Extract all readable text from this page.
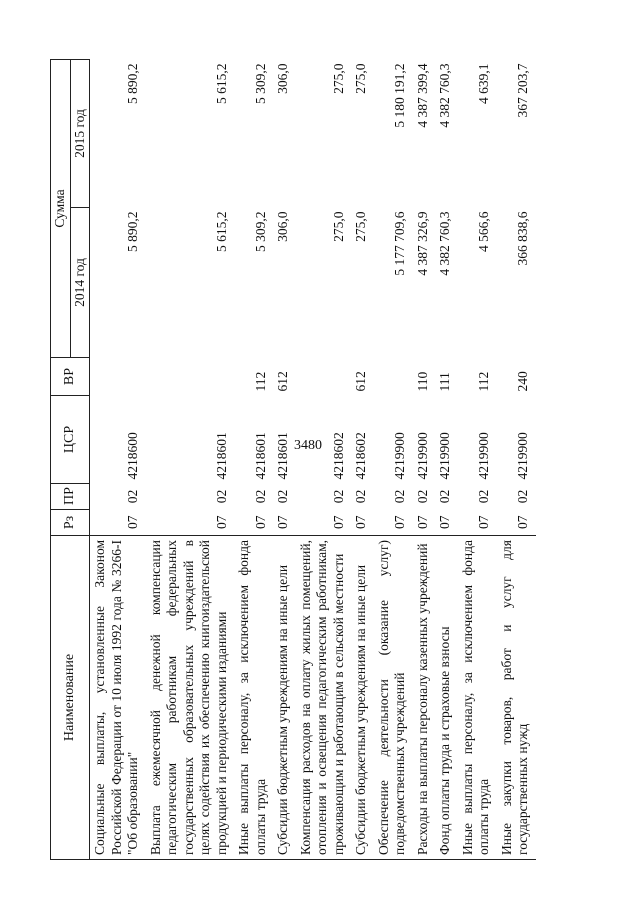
3480
Наименование	Рз	ПР	ЦСР	ВР	Сумма	
					2014 год	2015 год
Социальные выплаты, установленные Законом Российской Федерации от 10 июля 1992 года № 3266-I "Об образовании"	07	02	4218600		5 890,2	5 890,2
Выплата ежемесячной денежной компенсации педагогическим работникам федеральных государственных образовательных учреждений в целях содействия их обеспечению книгоиздательской продукцией и периодическими изданиями	07	02	4218601		5 615,2	5 615,2
Иные выплаты персоналу, за исключением фонда оплаты труда	07	02	4218601	112	5 309,2	5 309,2
Субсидии бюджетным учреждениям на иные цели	07	02	4218601	612	306,0	306,0
Компенсация расходов на оплату жилых помещений, отопления и освещения педагогическим работникам, проживающим и работающим в сельской местности	07	02	4218602		275,0	275,0
Субсидии бюджетным учреждениям на иные цели	07	02	4218602	612	275,0	275,0
Обеспечение деятельности (оказание услуг) подведомственных учреждений	07	02	4219900		5 177 709,6	5 180 191,2
Расходы на выплаты персоналу казенных учреждений	07	02	4219900	110	4 387 326,9	4 387 399,4
Фонд оплаты труда и страховые взносы	07	02	4219900	111	4 382 760,3	4 382 760,3
Иные выплаты персоналу, за исключением фонда оплаты труда	07	02	4219900	112	4 566,6	4 639,1
Иные закупки товаров, работ и услуг для государственных нужд	07	02	4219900	240	366 838,6	367 203,7
